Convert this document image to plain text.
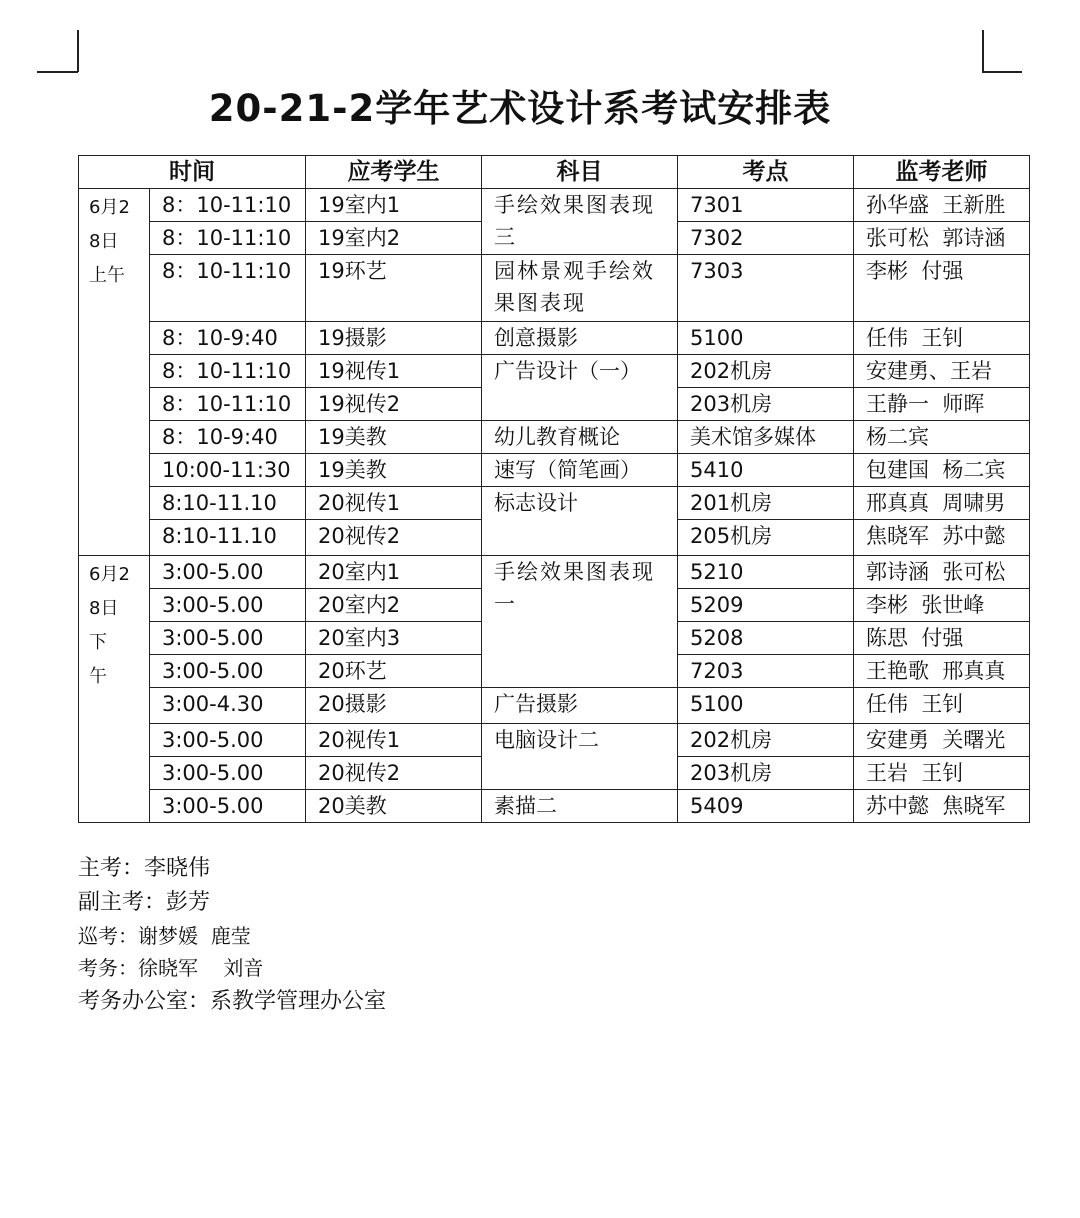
20-21-2学年艺术设计系考试安排表
时间		应考学生	科目	考点	监考老师
6月2
8日
上午	8：10-11:10	19室内1	手绘效果图表现三	7301	孙华盛  王新胜
	8：10-11:10	19室内2		7302	张可松  郭诗涵
	8：10-11:10	19环艺	园林景观手绘效果图表现	7303	李彬  付强
	8：10-9:40	19摄影	创意摄影	5100	任伟  王钊
	8：10-11:10	19视传1	广告设计（一）	202机房	安建勇、王岩
	8：10-11:10	19视传2		203机房	王静一  师晖
	8：10-9:40	19美教	幼儿教育概论	美术馆多媒体	杨二宾
	10:00-11:30	19美教	速写（简笔画）	5410	包建国  杨二宾
	8:10-11.10	20视传1	标志设计	201机房	邢真真  周啸男
	8:10-11.10	20视传2		205机房	焦晓军  苏中懿
6月2
8日
下
午	3:00-5.00	20室内1	手绘效果图表现一	5210	郭诗涵  张可松
	3:00-5.00	20室内2		5209	李彬  张世峰
	3:00-5.00	20室内3		5208	陈思  付强
	3:00-5.00	20环艺		7203	王艳歌  邢真真
	3:00-4.30	20摄影	广告摄影	5100	任伟  王钊
	3:00-5.00	20视传1	电脑设计二	202机房	安建勇  关曙光
	3:00-5.00	20视传2		203机房	王岩  王钊
	3:00-5.00	20美教	素描二	5409	苏中懿  焦晓军
主考：李晓伟
副主考：彭芳
巡考：谢梦媛  鹿莹
考务：徐晓军    刘音
考务办公室：系教学管理办公室
